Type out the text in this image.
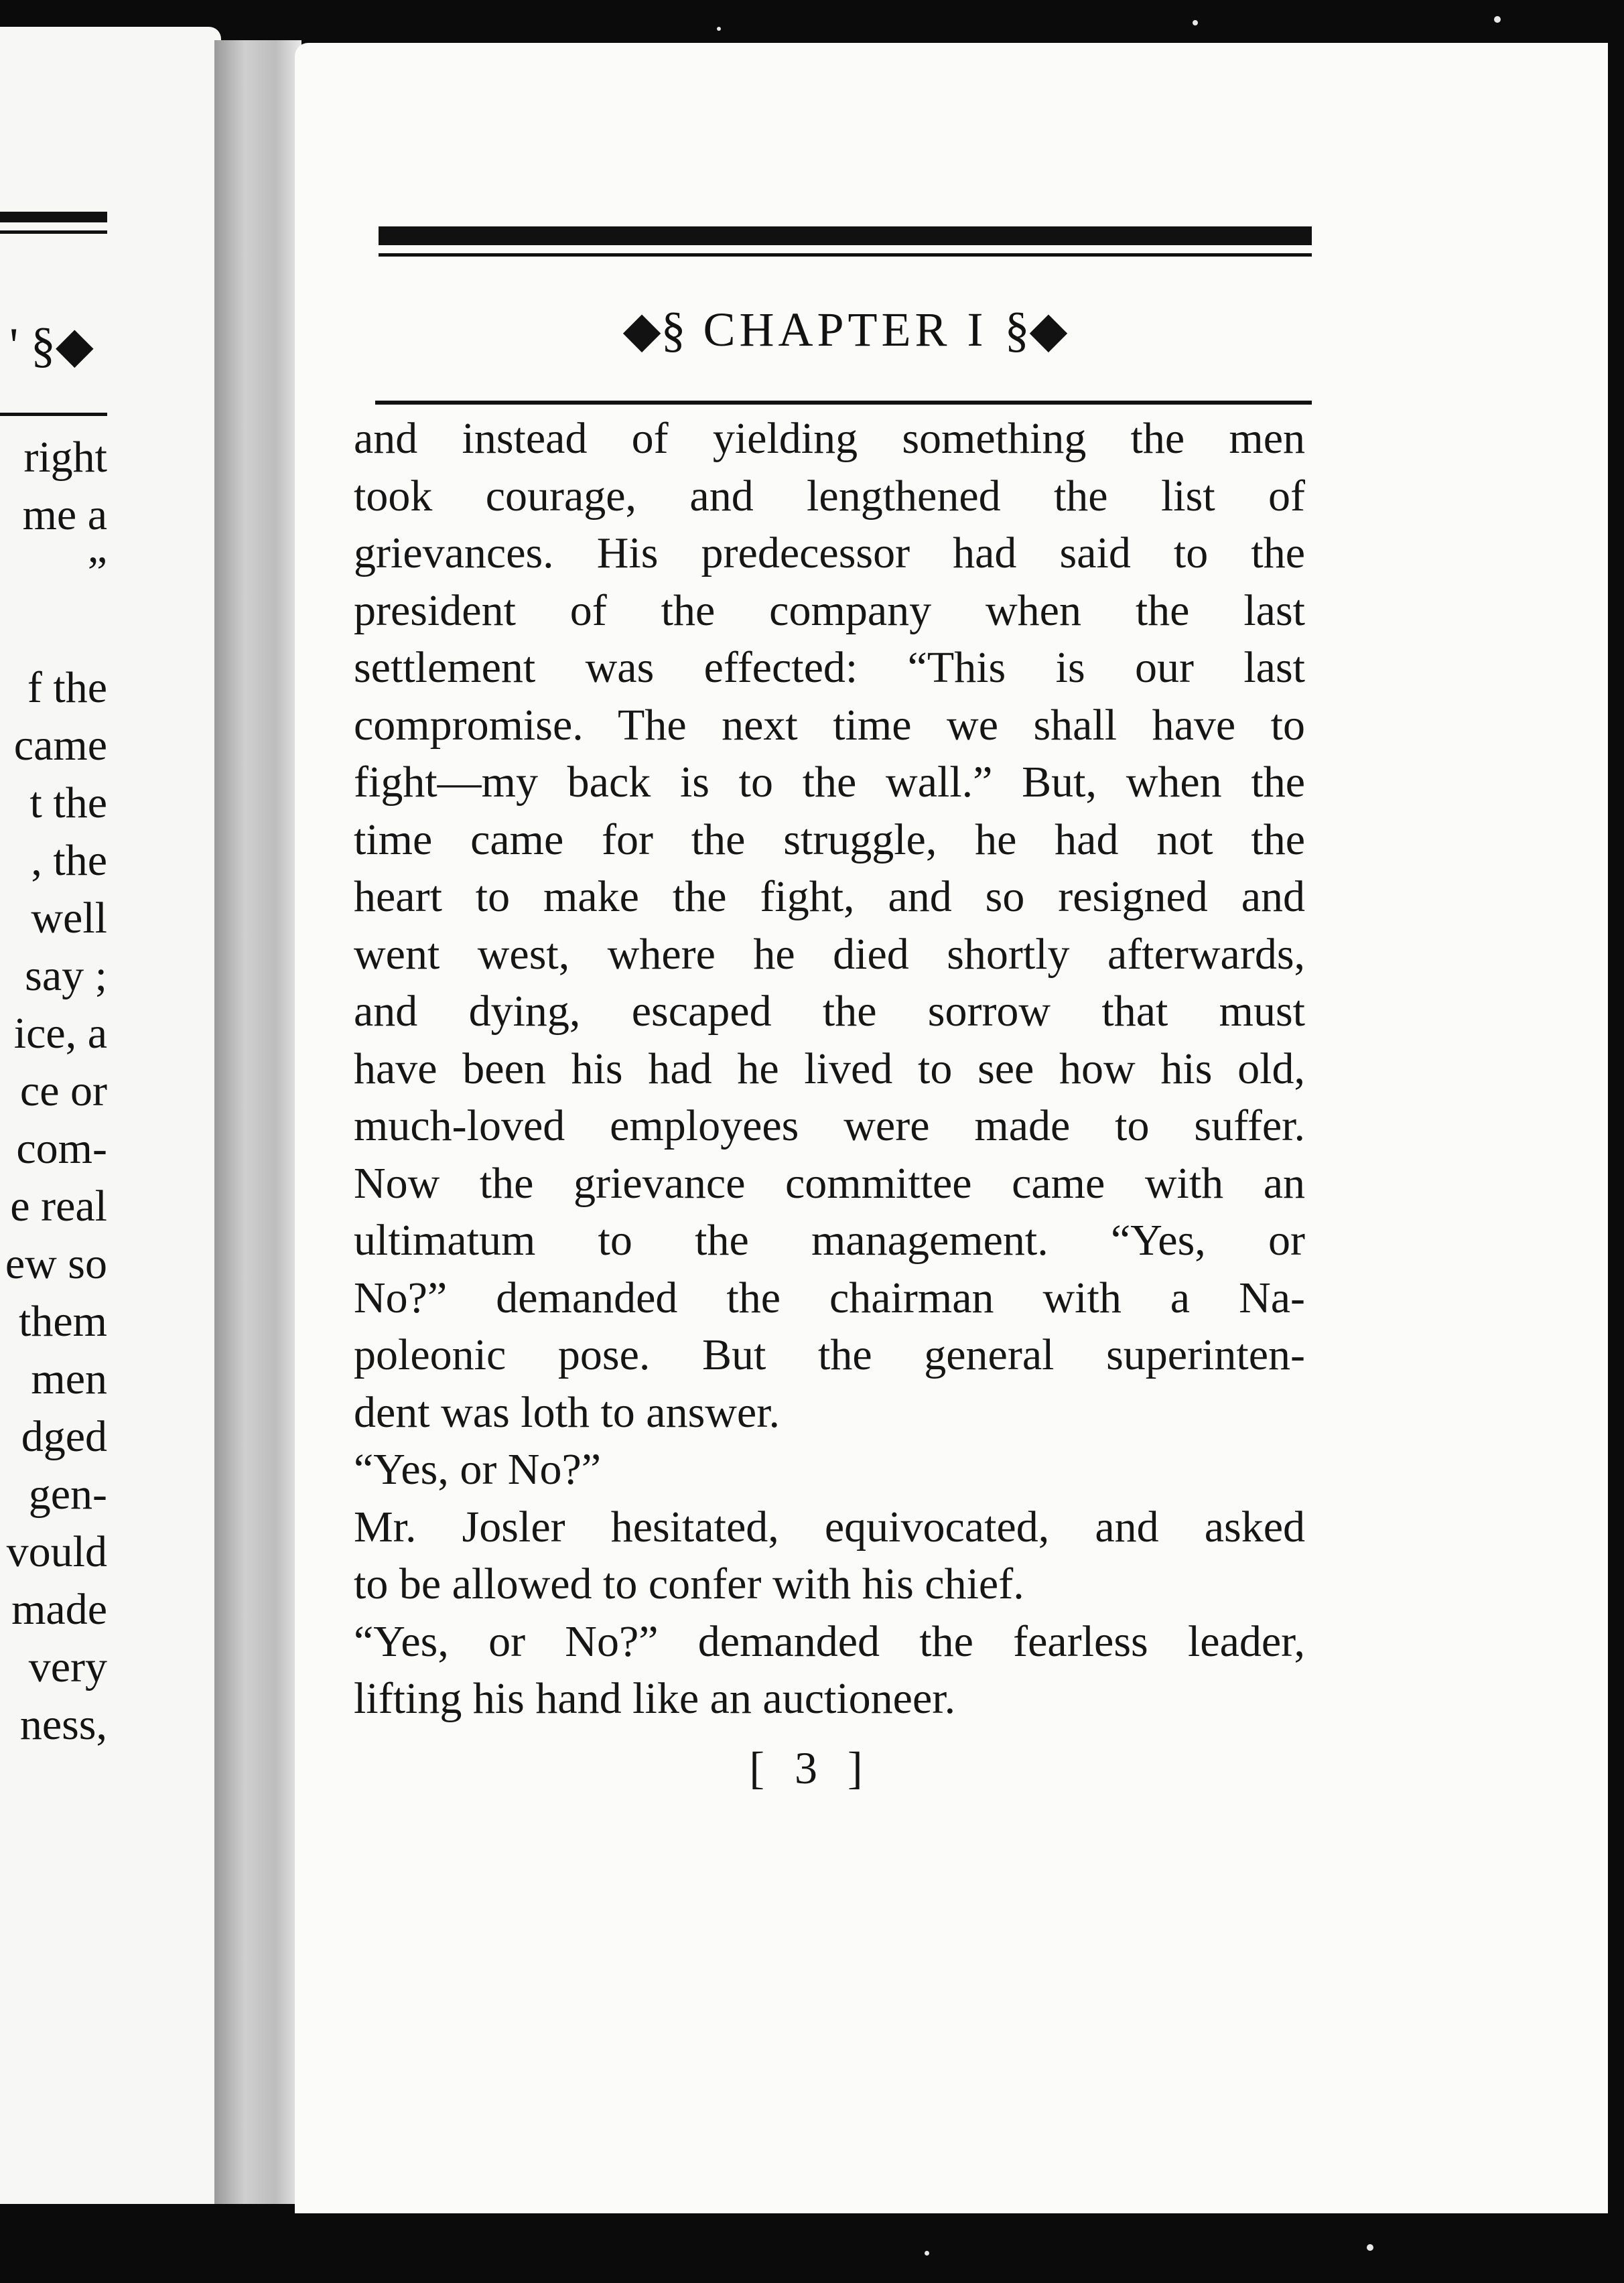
' §◆
right
me a
”
f the
came
t the
, the
well
say ;
ice, a
ce or
com-
e real
ew so
them
men
dged
gen-
vould
made
very
ness,
◆§ CHAPTER I §◆
and instead of yielding something the men
took courage, and lengthened the list of
grievances. His predecessor had said to the
president of the company when the last
settlement was effected: “This is our last
compromise. The next time we shall have to
fight—my back is to the wall.” But, when the
time came for the struggle, he had not the
heart to make the fight, and so resigned and
went west, where he died shortly afterwards,
and dying, escaped the sorrow that must
have been his had he lived to see how his old,
much-loved employees were made to suffer.
Now the grievance committee came with an
ultimatum to the management. “Yes, or
No?” demanded the chairman with a Na-
poleonic pose. But the general superinten-
dent was loth to answer.
“Yes, or No?”
Mr. Josler hesitated, equivocated, and asked
to be allowed to confer with his chief.
“Yes, or No?” demanded the fearless leader,
lifting his hand like an auctioneer.
[ 3 ]
